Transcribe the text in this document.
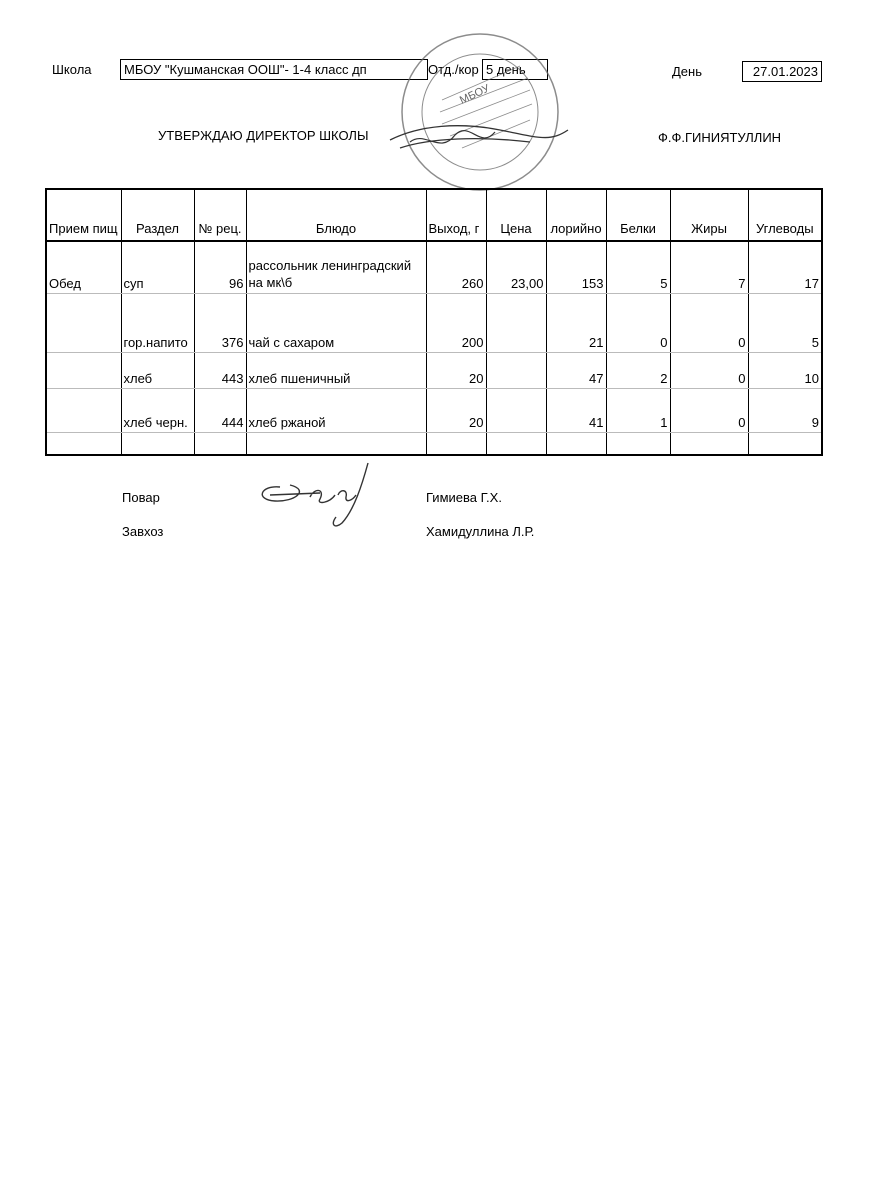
Школа	МБОУ "Кушманская ООШ"- 1-4 класс дп	Отд./кор 5 день	День	27.01.2023
УТВЕРЖДАЮ ДИРЕКТОР ШКОЛЫ	Ф.Ф.ГИНИЯТУЛЛИН
МБОУ
Прием пищ	Раздел	№ рец.	Блюдо	Выход, г	Цена	лорийно	Белки	Жиры	Углеводы
Обед	суп	96	рассольник ленинградский на мк\б	260	23,00	153	5	7	17
	гор.напито	376	чай с сахаром	200		21	0	0	5
	хлеб	443	хлеб пшеничный	20		47	2	0	10
	хлеб черн.	444	хлеб ржаной	20		41	1	0	9

Повар	Гимиева Г.Х.
Завхоз	Хамидуллина Л.Р.
